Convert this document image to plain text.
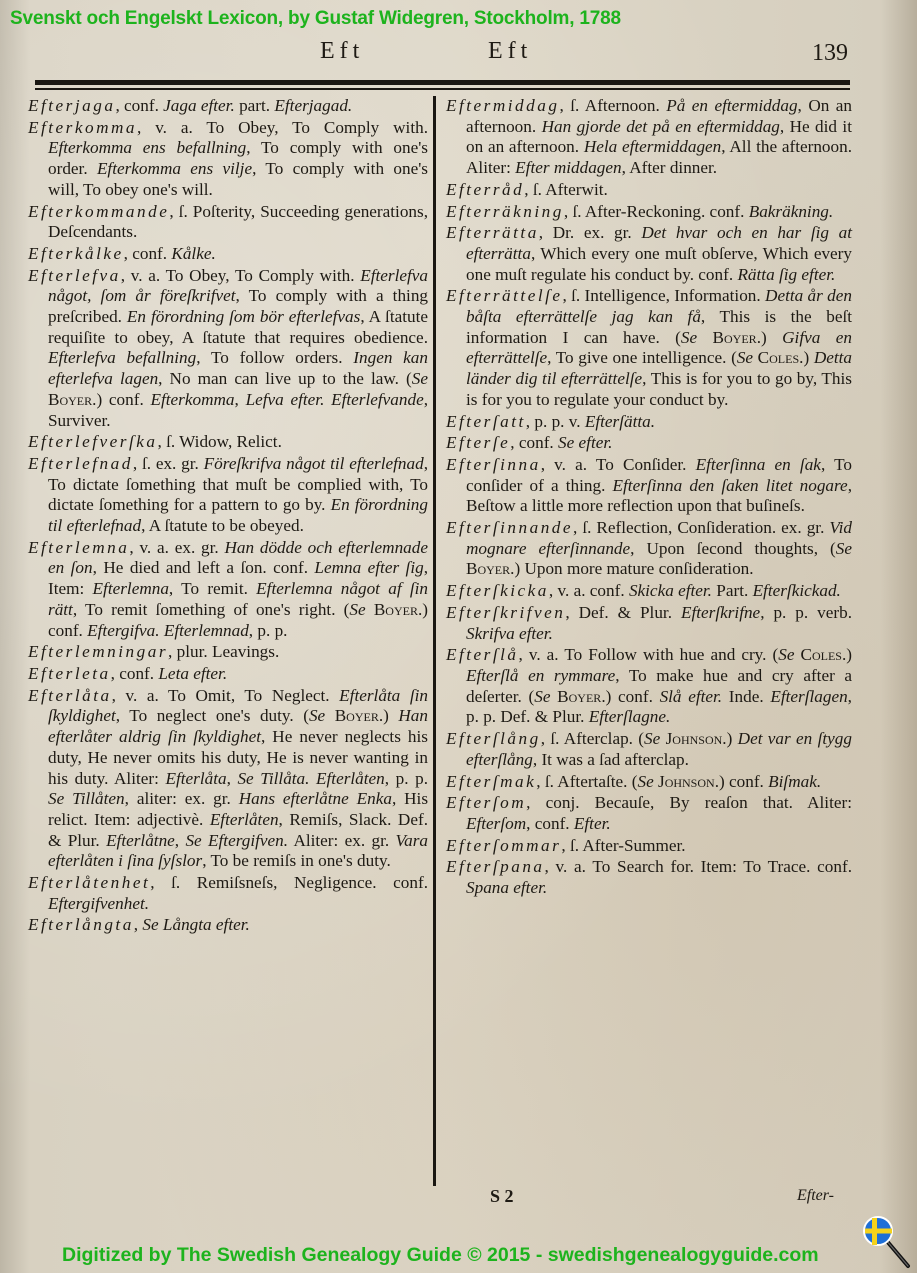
Svenskt och Engelskt Lexicon, by Gustaf Widegren, Stockholm, 1788
Eft	Eft	139

Efterjaga, conf. Jaga efter. part. Efterjagad.

Efterkomma, v. a. To Obey, To Comply with. Efterkomma ens befallning, To comply with one's order. Efterkomma ens vilje, To comply with one's will, To obey one's will.

Efterkommande, ſ. Poſterity, Succeeding generations, Deſcendants.

Efterkålke, conf. Kålke.

Efterlefva, v. a. To Obey, To Comply with. Efterlefva något, ſom år föreſkrifvet, To comply with a thing preſcribed. En förordning ſom bör efterlefvas, A ſtatute requiſite to obey, A ſtatute that requires obedience. Efterlefva befallning, To follow orders. Ingen kan efterlefva lagen, No man can live up to the law. (Se Boyer.) conf. Efterkomma, Lefva efter. Efterlefvande, Surviver.

Efterlefverſka, ſ. Widow, Relict.

Efterlefnad, ſ. ex. gr. Föreſkrifva något til efterlefnad, To dictate ſomething that muſt be complied with, To dictate ſomething for a pattern to go by. En förordning til efterlefnad, A ſtatute to be obeyed.

Efterlemna, v. a. ex. gr. Han dödde och efterlemnade en ſon, He died and left a ſon. conf. Lemna efter ſig, Item: Efterlemna, To remit. Efterlemna något af ſin rätt, To remit ſomething of one's right. (Se Boyer.) conf. Eftergifva. Efterlemnad, p. p.

Efterlemningar, plur. Leavings.

Efterleta, conf. Leta efter.

Efterlåta, v. a. To Omit, To Neglect. Efterlåta ſin ſkyldighet, To neglect one's duty. (Se Boyer.) Han efterlåter aldrig ſin ſkyldighet, He never neglects his duty, He never omits his duty, He is never wanting in his duty. Aliter: Efterlåta, Se Tillåta. Efterlåten, p. p. Se Tillåten, aliter: ex. gr. Hans efterlåtne Enka, His relict. Item: adjectivè. Efterlåten, Remiſs, Slack. Def. & Plur. Efterlåtne, Se Eftergifven. Aliter: ex. gr. Vara efterlåten i ſina ſyſslor, To be remiſs in one's duty.

Efterlåtenhet, ſ. Remiſsneſs, Negligence. conf. Eftergifvenhet.

Efterlångta, Se Långta efter.

Eftermiddag, ſ. Afternoon. På en eftermiddag, On an afternoon. Han gjorde det på en eftermiddag, He did it on an afternoon. Hela eftermiddagen, All the afternoon. Aliter: Efter middagen, After dinner.

Efterråd, ſ. Afterwit.

Efterräkning, ſ. After-Reckoning. conf. Bakräkning.

Efterrätta, Dr. ex. gr. Det hvar och en har ſig at efterrätta, Which every one muſt obſerve, Which every one muſt regulate his conduct by. conf. Rätta ſig efter.

Efterrättelſe, ſ. Intelligence, Information. Detta år den båſta efterrättelſe jag kan få, This is the beſt information I can have. (Se Boyer.) Gifva en efterrättelſe, To give one intelligence. (Se Coles.) Detta länder dig til efterrättelſe, This is for you to go by, This is for you to regulate your conduct by.

Efterſatt, p. p. v. Efterſätta.

Efterſe, conf. Se efter.

Efterſinna, v. a. To Conſider. Efterſinna en ſak, To conſider of a thing. Efterſinna den ſaken litet nogare, Beſtow a little more reflection upon that buſineſs.

Efterſinnande, ſ. Reflection, Conſideration. ex. gr. Vid mognare efterſinnande, Upon ſecond thoughts, (Se Boyer.) Upon more mature conſideration.

Efterſkicka, v. a. conf. Skicka efter. Part. Efterſkickad.

Efterſkrifven, Def. & Plur. Efterſkrifne, p. p. verb. Skrifva efter.

Efterſlå, v. a. To Follow with hue and cry. (Se Coles.) Efterſlå en rymmare, To make hue and cry after a deſerter. (Se Boyer.) conf. Slå efter. Inde. Efterſlagen, p. p. Def. & Plur. Efterſlagne.

Efterſlång, ſ. Afterclap. (Se Johnson.) Det var en ſtygg efterſlång, It was a ſad afterclap.

Efterſmak, ſ. Aftertaſte. (Se Johnson.) conf. Biſmak.

Efterſom, conj. Becauſe, By reaſon that. Aliter: Efterſom, conf. Efter.

Efterſommar, ſ. After-Summer.

Efterſpana, v. a. To Search for. Item: To Trace. conf. Spana efter.

S 2	Efter-
Digitized by The Swedish Genealogy Guide © 2015 - swedishgenealogyguide.com
